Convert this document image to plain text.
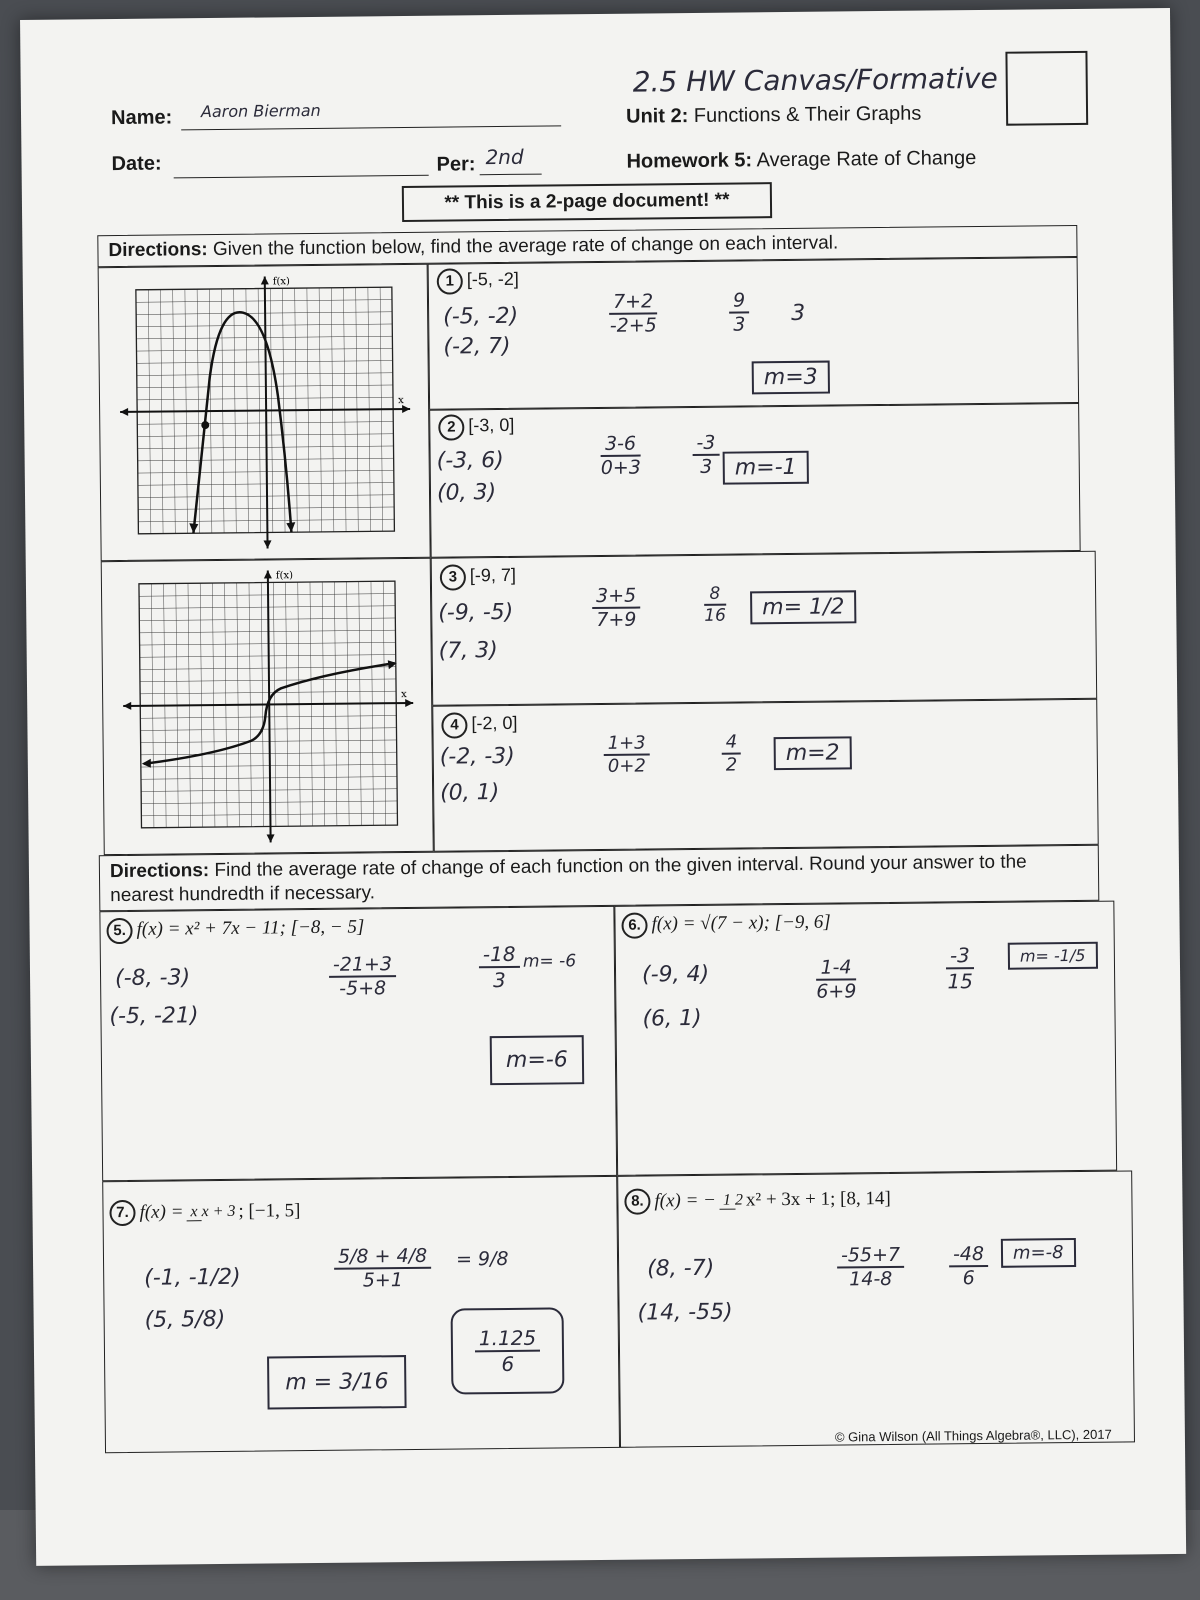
2.5 HW Canvas/Formative
Name:	Aaron Bierman	Unit 2: Functions & Their Graphs
Date:	Per: 2nd	Homework 5: Average Rate of Change
** This is a 2-page document! **
Directions: Given the function below, find the average rate of change on each interval.
f(x)
x
1 [-5, -2]
(-5, -2)
(-2, 7)
$\frac{7+2}{-2+5}$	$\frac{9}{3} 3$
m=3
2 [-3, 0]
(-3, 6)
(0, 3)
$\frac{3-6}{0+3}$	$\frac{-3}{3} m=-1$
f(x)
x
3 [-9, 7]
(-9, -5)
(7, 3)
$\frac{3+5}{7+9}$	$\frac{8}{16}$	m= 1/2
4 [-2, 0]
(-2, -3)
(0, 1)
$\frac{1+3}{0+2}$	$\frac{4}{2}$	m=2
Directions: Find the average rate of change of each function on the given interval. Round your answer to the nearest hundredth if necessary.
5. f(x) = x² + 7x − 11; [−8, − 5]
(-8, -3)
(-5, -21)
$\frac{-21+3}{-5+8}$	$\frac{-18}{3} m= -6$
m=-6
6. f(x) = √(7 − x); [−9, 6]
(-9, 4)
(6, 1)
$\frac{1-4}{6+9}$	$\frac{-3}{15}$	m= -1/5
7. f(x) = x x + 3 ; [−1, 5]
(-1, -1/2)
(5, 5/8)
$\frac{5/8 + 4/8}{5+1} = 9/8$
$\frac{1.125}{6}$
m = 3/16
8. f(x) = − 1 2 x² + 3x + 1; [8, 14]
(8, -7)
(14, -55)
$\frac{-55+7}{14-8} \frac{-48}{6}$	m=-8
© Gina Wilson (All Things Algebra®, LLC), 2017
